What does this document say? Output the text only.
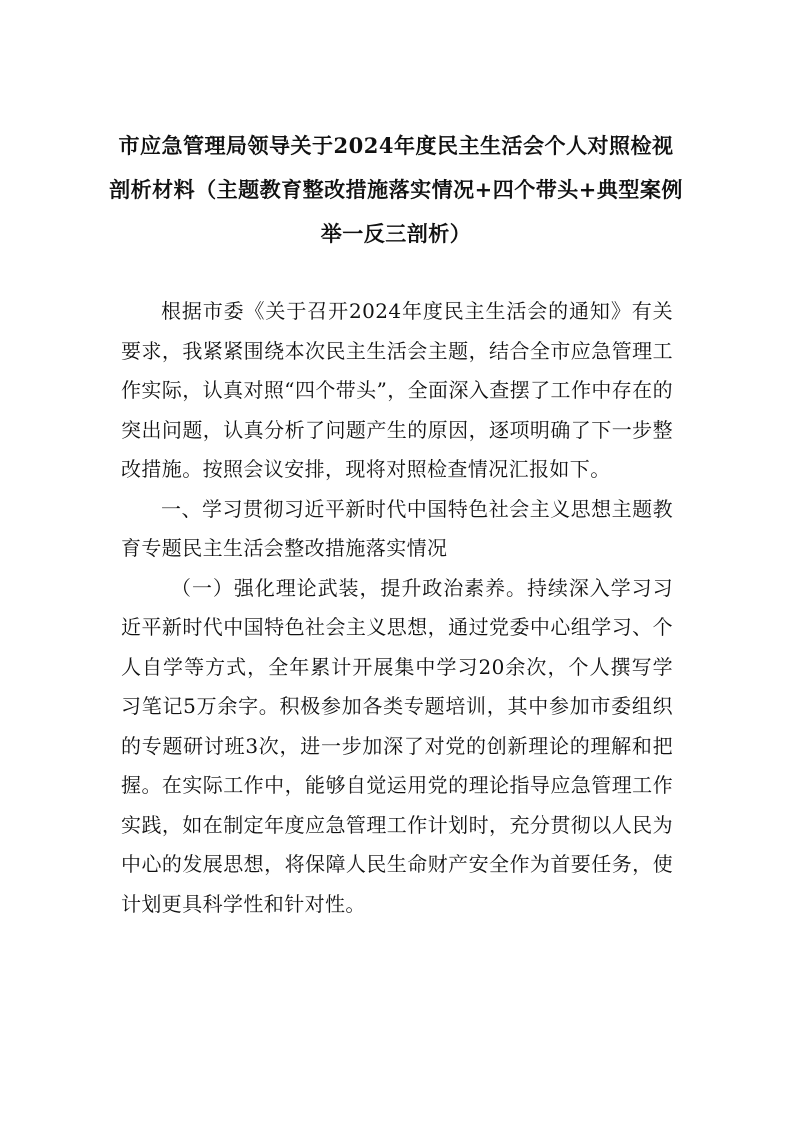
市应急管理局领导关于2024年度民主生活会个人对照检视剖析材料（主题教育整改措施落实情况+四个带头+典型案例举一反三剖析）

根据市委《关于召开2024年度民主生活会的通知》有关要求，我紧紧围绕本次民主生活会主题，结合全市应急管理工作实际，认真对照“四个带头”，全面深入查摆了工作中存在的突出问题，认真分析了问题产生的原因，逐项明确了下一步整改措施。按照会议安排，现将对照检查情况汇报如下。

一、学习贯彻习近平新时代中国特色社会主义思想主题教育专题民主生活会整改措施落实情况

（一）强化理论武装，提升政治素养。持续深入学习习近平新时代中国特色社会主义思想，通过党委中心组学习、个人自学等方式，全年累计开展集中学习20余次，个人撰写学习笔记5万余字。积极参加各类专题培训，其中参加市委组织的专题研讨班3次，进一步加深了对党的创新理论的理解和把握。在实际工作中，能够自觉运用党的理论指导应急管理工作实践，如在制定年度应急管理工作计划时，充分贯彻以人民为中心的发展思想，将保障人民生命财产安全作为首要任务，使计划更具科学性和针对性。
